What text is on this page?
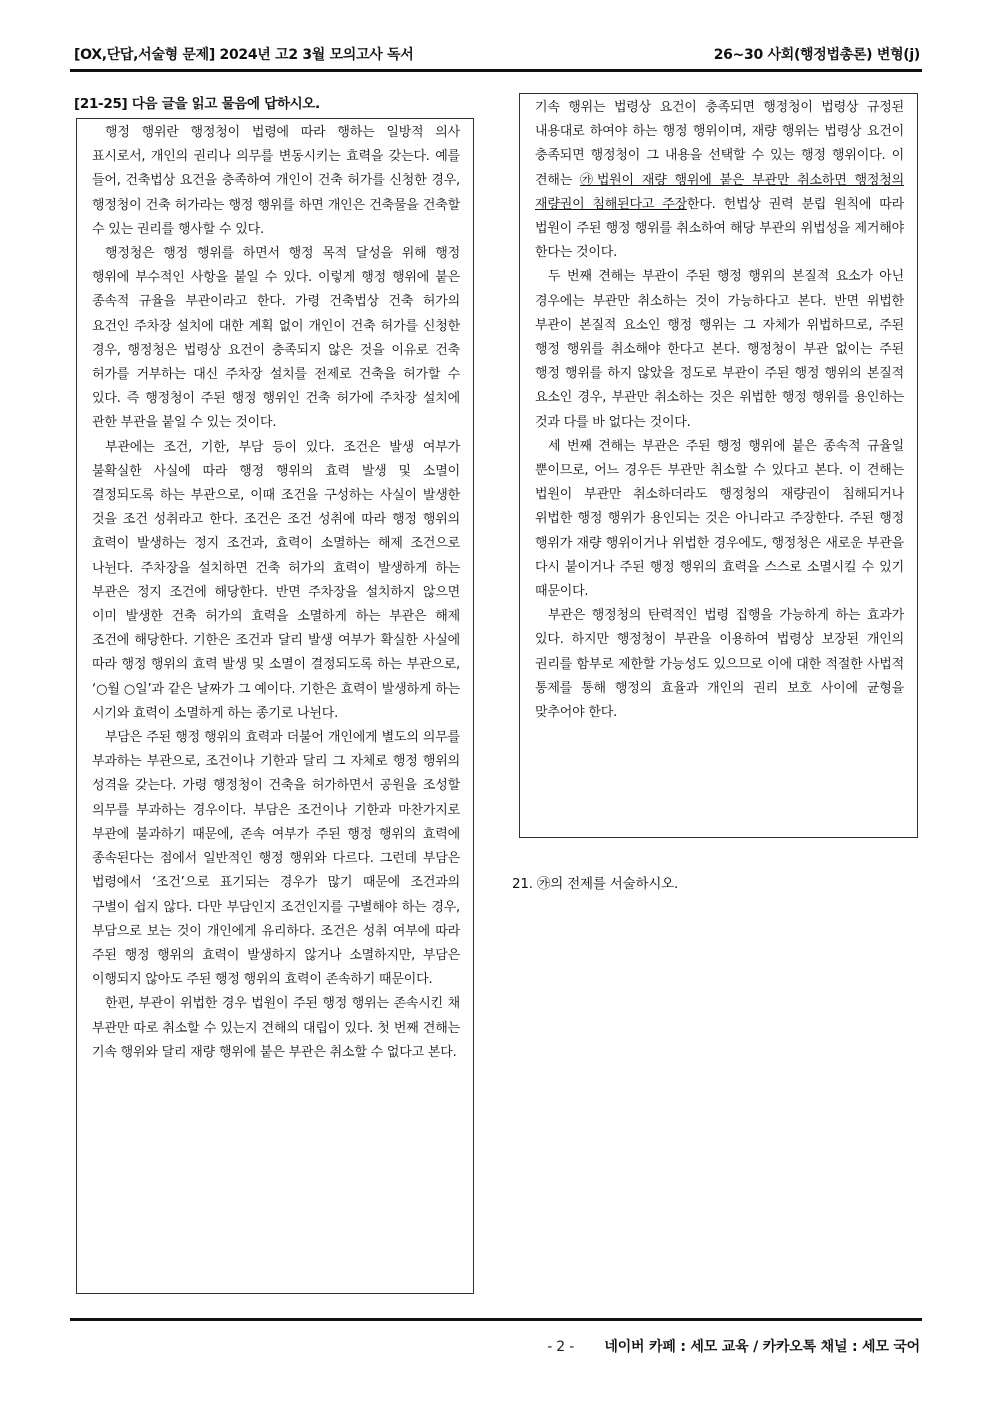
[OX,단답,서술형 문제] 2024년 고2 3월 모의고사 독서	26~30 사회(행정법총론) 변형(j)
[21-25] 다음 글을 읽고 물음에 답하시오.

행정 행위란 행정청이 법령에 따라 행하는 일방적 의사 표시로서, 개인의 권리나 의무를 변동시키는 효력을 갖는다. 예를 들어, 건축법상 요건을 충족하여 개인이 건축 허가를 신청한 경우, 행정청이 건축 허가라는 행정 행위를 하면 개인은 건축물을 건축할 수 있는 권리를 행사할 수 있다.

행정청은 행정 행위를 하면서 행정 목적 달성을 위해 행정 행위에 부수적인 사항을 붙일 수 있다. 이렇게 행정 행위에 붙은 종속적 규율을 부관이라고 한다. 가령 건축법상 건축 허가의 요건인 주차장 설치에 대한 계획 없이 개인이 건축 허가를 신청한 경우, 행정청은 법령상 요건이 충족되지 않은 것을 이유로 건축 허가를 거부하는 대신 주차장 설치를 전제로 건축을 허가할 수 있다. 즉 행정청이 주된 행정 행위인 건축 허가에 주차장 설치에 관한 부관을 붙일 수 있는 것이다.

부관에는 조건, 기한, 부담 등이 있다. 조건은 발생 여부가 불확실한 사실에 따라 행정 행위의 효력 발생 및 소멸이 결정되도록 하는 부관으로, 이때 조건을 구성하는 사실이 발생한 것을 조건 성취라고 한다. 조건은 조건 성취에 따라 행정 행위의 효력이 발생하는 정지 조건과, 효력이 소멸하는 해제 조건으로 나뉜다. 주차장을 설치하면 건축 허가의 효력이 발생하게 하는 부관은 정지 조건에 해당한다. 반면 주차장을 설치하지 않으면 이미 발생한 건축 허가의 효력을 소멸하게 하는 부관은 해제 조건에 해당한다. 기한은 조건과 달리 발생 여부가 확실한 사실에 따라 행정 행위의 효력 발생 및 소멸이 결정되도록 하는 부관으로, ‘○월 ○일’과 같은 날짜가 그 예이다. 기한은 효력이 발생하게 하는 시기와 효력이 소멸하게 하는 종기로 나뉜다.

부담은 주된 행정 행위의 효력과 더불어 개인에게 별도의 의무를 부과하는 부관으로, 조건이나 기한과 달리 그 자체로 행정 행위의 성격을 갖는다. 가령 행정청이 건축을 허가하면서 공원을 조성할 의무를 부과하는 경우이다. 부담은 조건이나 기한과 마찬가지로 부관에 불과하기 때문에, 존속 여부가 주된 행정 행위의 효력에 종속된다는 점에서 일반적인 행정 행위와 다르다. 그런데 부담은 법령에서 ‘조건’으로 표기되는 경우가 많기 때문에 조건과의 구별이 쉽지 않다. 다만 부담인지 조건인지를 구별해야 하는 경우, 부담으로 보는 것이 개인에게 유리하다. 조건은 성취 여부에 따라 주된 행정 행위의 효력이 발생하지 않거나 소멸하지만, 부담은 이행되지 않아도 주된 행정 행위의 효력이 존속하기 때문이다.

한편, 부관이 위법한 경우 법원이 주된 행정 행위는 존속시킨 채 부관만 따로 취소할 수 있는지 견해의 대립이 있다. 첫 번째 견해는 기속 행위와 달리 재량 행위에 붙은 부관은 취소할 수 없다고 본다.

기속 행위는 법령상 요건이 충족되면 행정청이 법령상 규정된 내용대로 하여야 하는 행정 행위이며, 재량 행위는 법령상 요건이 충족되면 행정청이 그 내용을 선택할 수 있는 행정 행위이다. 이 견해는 ㉮법원이 재량 행위에 붙은 부관만 취소하면 행정청의 재량권이 침해된다고 주장한다. 헌법상 권력 분립 원칙에 따라 법원이 주된 행정 행위를 취소하여 해당 부관의 위법성을 제거해야 한다는 것이다.

두 번째 견해는 부관이 주된 행정 행위의 본질적 요소가 아닌 경우에는 부관만 취소하는 것이 가능하다고 본다. 반면 위법한 부관이 본질적 요소인 행정 행위는 그 자체가 위법하므로, 주된 행정 행위를 취소해야 한다고 본다. 행정청이 부관 없이는 주된 행정 행위를 하지 않았을 정도로 부관이 주된 행정 행위의 본질적 요소인 경우, 부관만 취소하는 것은 위법한 행정 행위를 용인하는 것과 다를 바 없다는 것이다.

세 번째 견해는 부관은 주된 행정 행위에 붙은 종속적 규율일 뿐이므로, 어느 경우든 부관만 취소할 수 있다고 본다. 이 견해는 법원이 부관만 취소하더라도 행정청의 재량권이 침해되거나 위법한 행정 행위가 용인되는 것은 아니라고 주장한다. 주된 행정 행위가 재량 행위이거나 위법한 경우에도, 행정청은 새로운 부관을 다시 붙이거나 주된 행정 행위의 효력을 스스로 소멸시킬 수 있기 때문이다.

부관은 행정청의 탄력적인 법령 집행을 가능하게 하는 효과가 있다. 하지만 행정청이 부관을 이용하여 법령상 보장된 개인의 권리를 함부로 제한할 가능성도 있으므로 이에 대한 적절한 사법적 통제를 통해 행정의 효율과 개인의 권리 보호 사이에 균형을 맞추어야 한다.

21. ㉮의 전제를 서술하시오.
- 2 - 네이버 카페 : 세모 교육 / 카카오톡 채널 : 세모 국어
